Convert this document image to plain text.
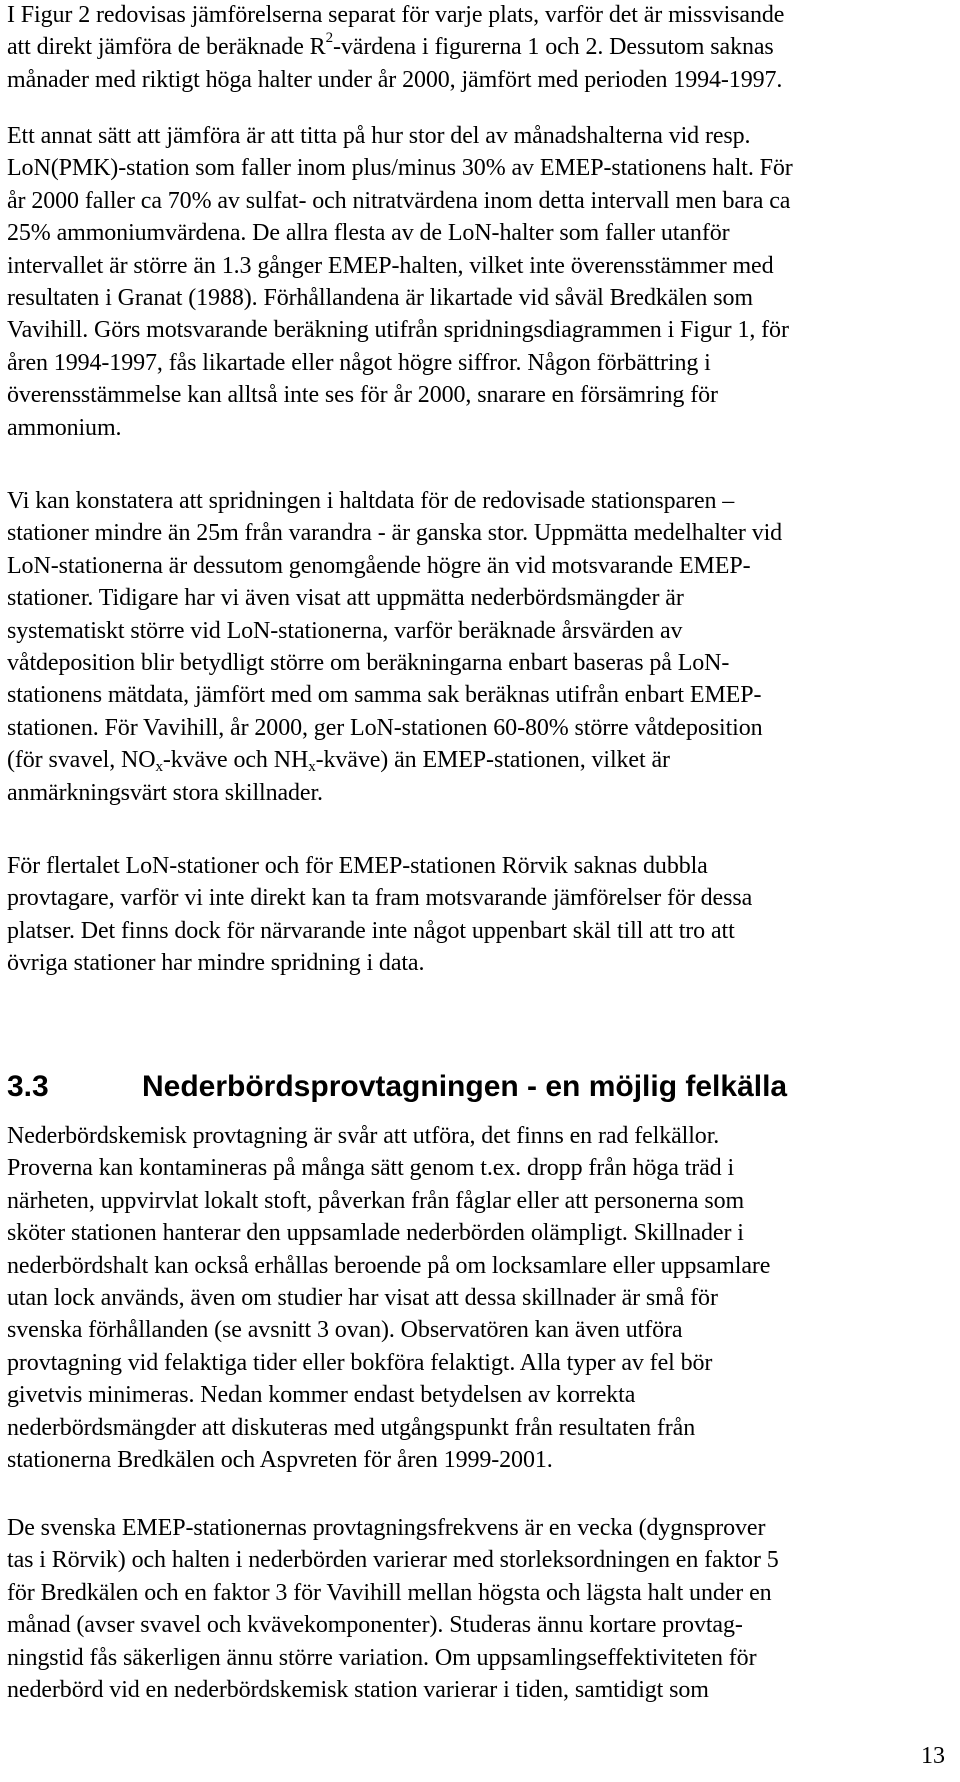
I Figur 2 redovisas jämförelserna separat för varje plats, varför det är missvisande
att direkt jämföra de beräknade $R^2$-värdena i figurerna 1 och 2. Dessutom saknas
månader med riktigt höga halter under år 2000, jämfört med perioden 1994-1997.

Ett annat sätt att jämföra är att titta på hur stor del av månadshalterna vid resp.
LoN(PMK)-station som faller inom plus/minus 30% av EMEP-stationens halt. För
år 2000 faller ca 70% av sulfat- och nitratvärdena inom detta intervall men bara ca
25% ammoniumvärdena. De allra flesta av de LoN-halter som faller utanför
intervallet är större än 1.3 gånger EMEP-halten, vilket inte överensstämmer med
resultaten i Granat (1988). Förhållandena är likartade vid såväl Bredkälen som
Vavihill. Görs motsvarande beräkning utifrån spridningsdiagrammen i Figur 1, för
åren 1994-1997, fås likartade eller något högre siffror. Någon förbättring i
överensstämmelse kan alltså inte ses för år 2000, snarare en försämring för
ammonium.

Vi kan konstatera att spridningen i haltdata för de redovisade stationsparen –
stationer mindre än 25m från varandra - är ganska stor. Uppmätta medelhalter vid
LoN-stationerna är dessutom genomgående högre än vid motsvarande EMEP-
stationer. Tidigare har vi även visat att uppmätta nederbördsmängder är
systematiskt större vid LoN-stationerna, varför beräknade årsvärden av
våtdeposition blir betydligt större om beräkningarna enbart baseras på LoN-
stationens mätdata, jämfört med om samma sak beräknas utifrån enbart EMEP-
stationen. För Vavihill, år 2000, ger LoN-stationen 60-80% större våtdeposition
(för svavel, $NO_x$-kväve och $NH_x-kväve$) än EMEP-stationen, vilket är
anmärkningsvärt stora skillnader.

För flertalet LoN-stationer och för EMEP-stationen Rörvik saknas dubbla
provtagare, varför vi inte direkt kan ta fram motsvarande jämförelser för dessa
platser. Det finns dock för närvarande inte något uppenbart skäl till att tro att
övriga stationer har mindre spridning i data.

3.3	Nederbördsprovtagningen - en möjlig felkälla

Nederbördskemisk provtagning är svår att utföra, det finns en rad felkällor.
Proverna kan kontamineras på många sätt genom t.ex. dropp från höga träd i
närheten, uppvirvlat lokalt stoft, påverkan från fåglar eller att personerna som
sköter stationen hanterar den uppsamlade nederbörden olämpligt. Skillnader i
nederbördshalt kan också erhållas beroende på om locksamlare eller uppsamlare
utan lock används, även om studier har visat att dessa skillnader är små för
svenska förhållanden (se avsnitt 3 ovan). Observatören kan även utföra
provtagning vid felaktiga tider eller bokföra felaktigt. Alla typer av fel bör
givetvis minimeras. Nedan kommer endast betydelsen av korrekta
nederbördsmängder att diskuteras med utgångspunkt från resultaten från
stationerna Bredkälen och Aspvreten för åren 1999-2001.

De svenska EMEP-stationernas provtagningsfrekvens är en vecka (dygnsprover
tas i Rörvik) och halten i nederbörden varierar med storleksordningen en faktor 5
för Bredkälen och en faktor 3 för Vavihill mellan högsta och lägsta halt under en
månad (avser svavel och kvävekomponenter). Studeras ännu kortare provtag-
ningstid fås säkerligen ännu större variation. Om uppsamlingseffektiviteten för
nederbörd vid en nederbördskemisk station varierar i tiden, samtidigt som

13
